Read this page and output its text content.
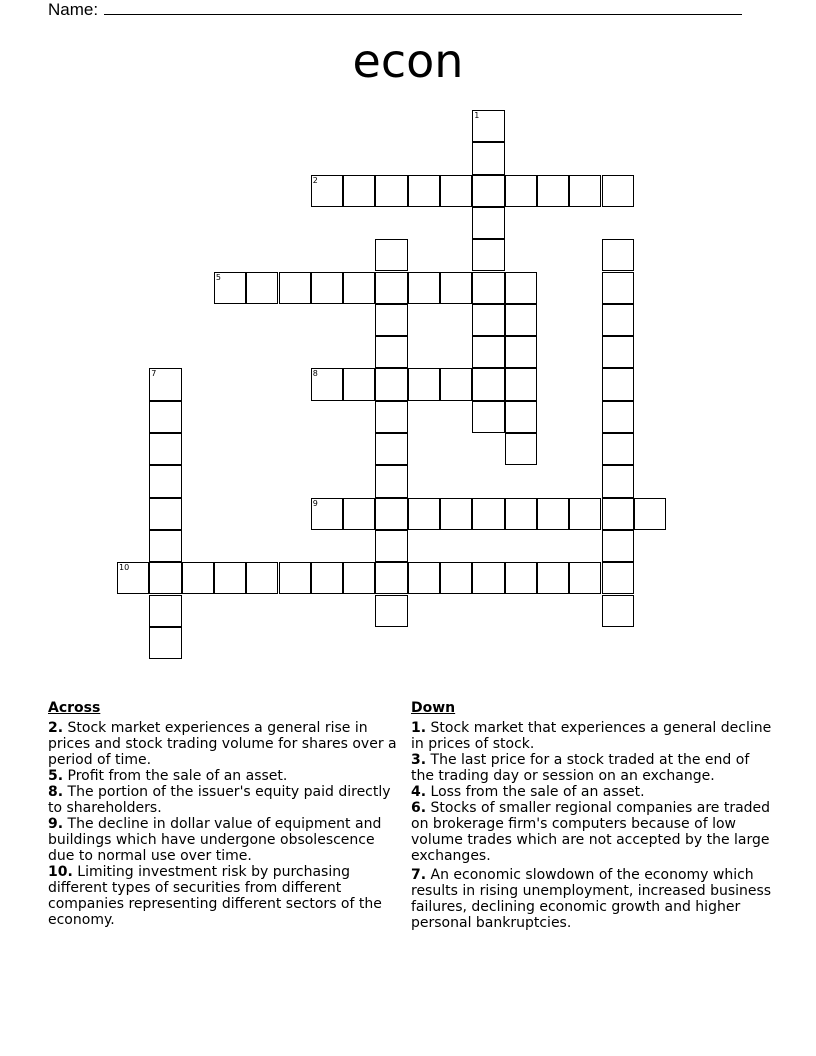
Name:
econ
1
2
5
7	8
9
10
Across
2. Stock market experiences a general rise in prices and stock trading volume for shares over a period of time.
5. Profit from the sale of an asset.
8. The portion of the issuer's equity paid directly to shareholders.
9. The decline in dollar value of equipment and buildings which have undergone obsolescence due to normal use over time.
10. Limiting investment risk by purchasing different types of securities from different companies representing different sectors of the economy.
Down
1. Stock market that experiences a general decline in prices of stock.
3. The last price for a stock traded at the end of the trading day or session on an exchange.
4. Loss from the sale of an asset.
6. Stocks of smaller regional companies are traded on brokerage firm's computers because of low volume trades which are not accepted by the large exchanges.
7. An economic slowdown of the economy which results in rising unemployment, increased business failures, declining economic growth and higher personal bankruptcies.
